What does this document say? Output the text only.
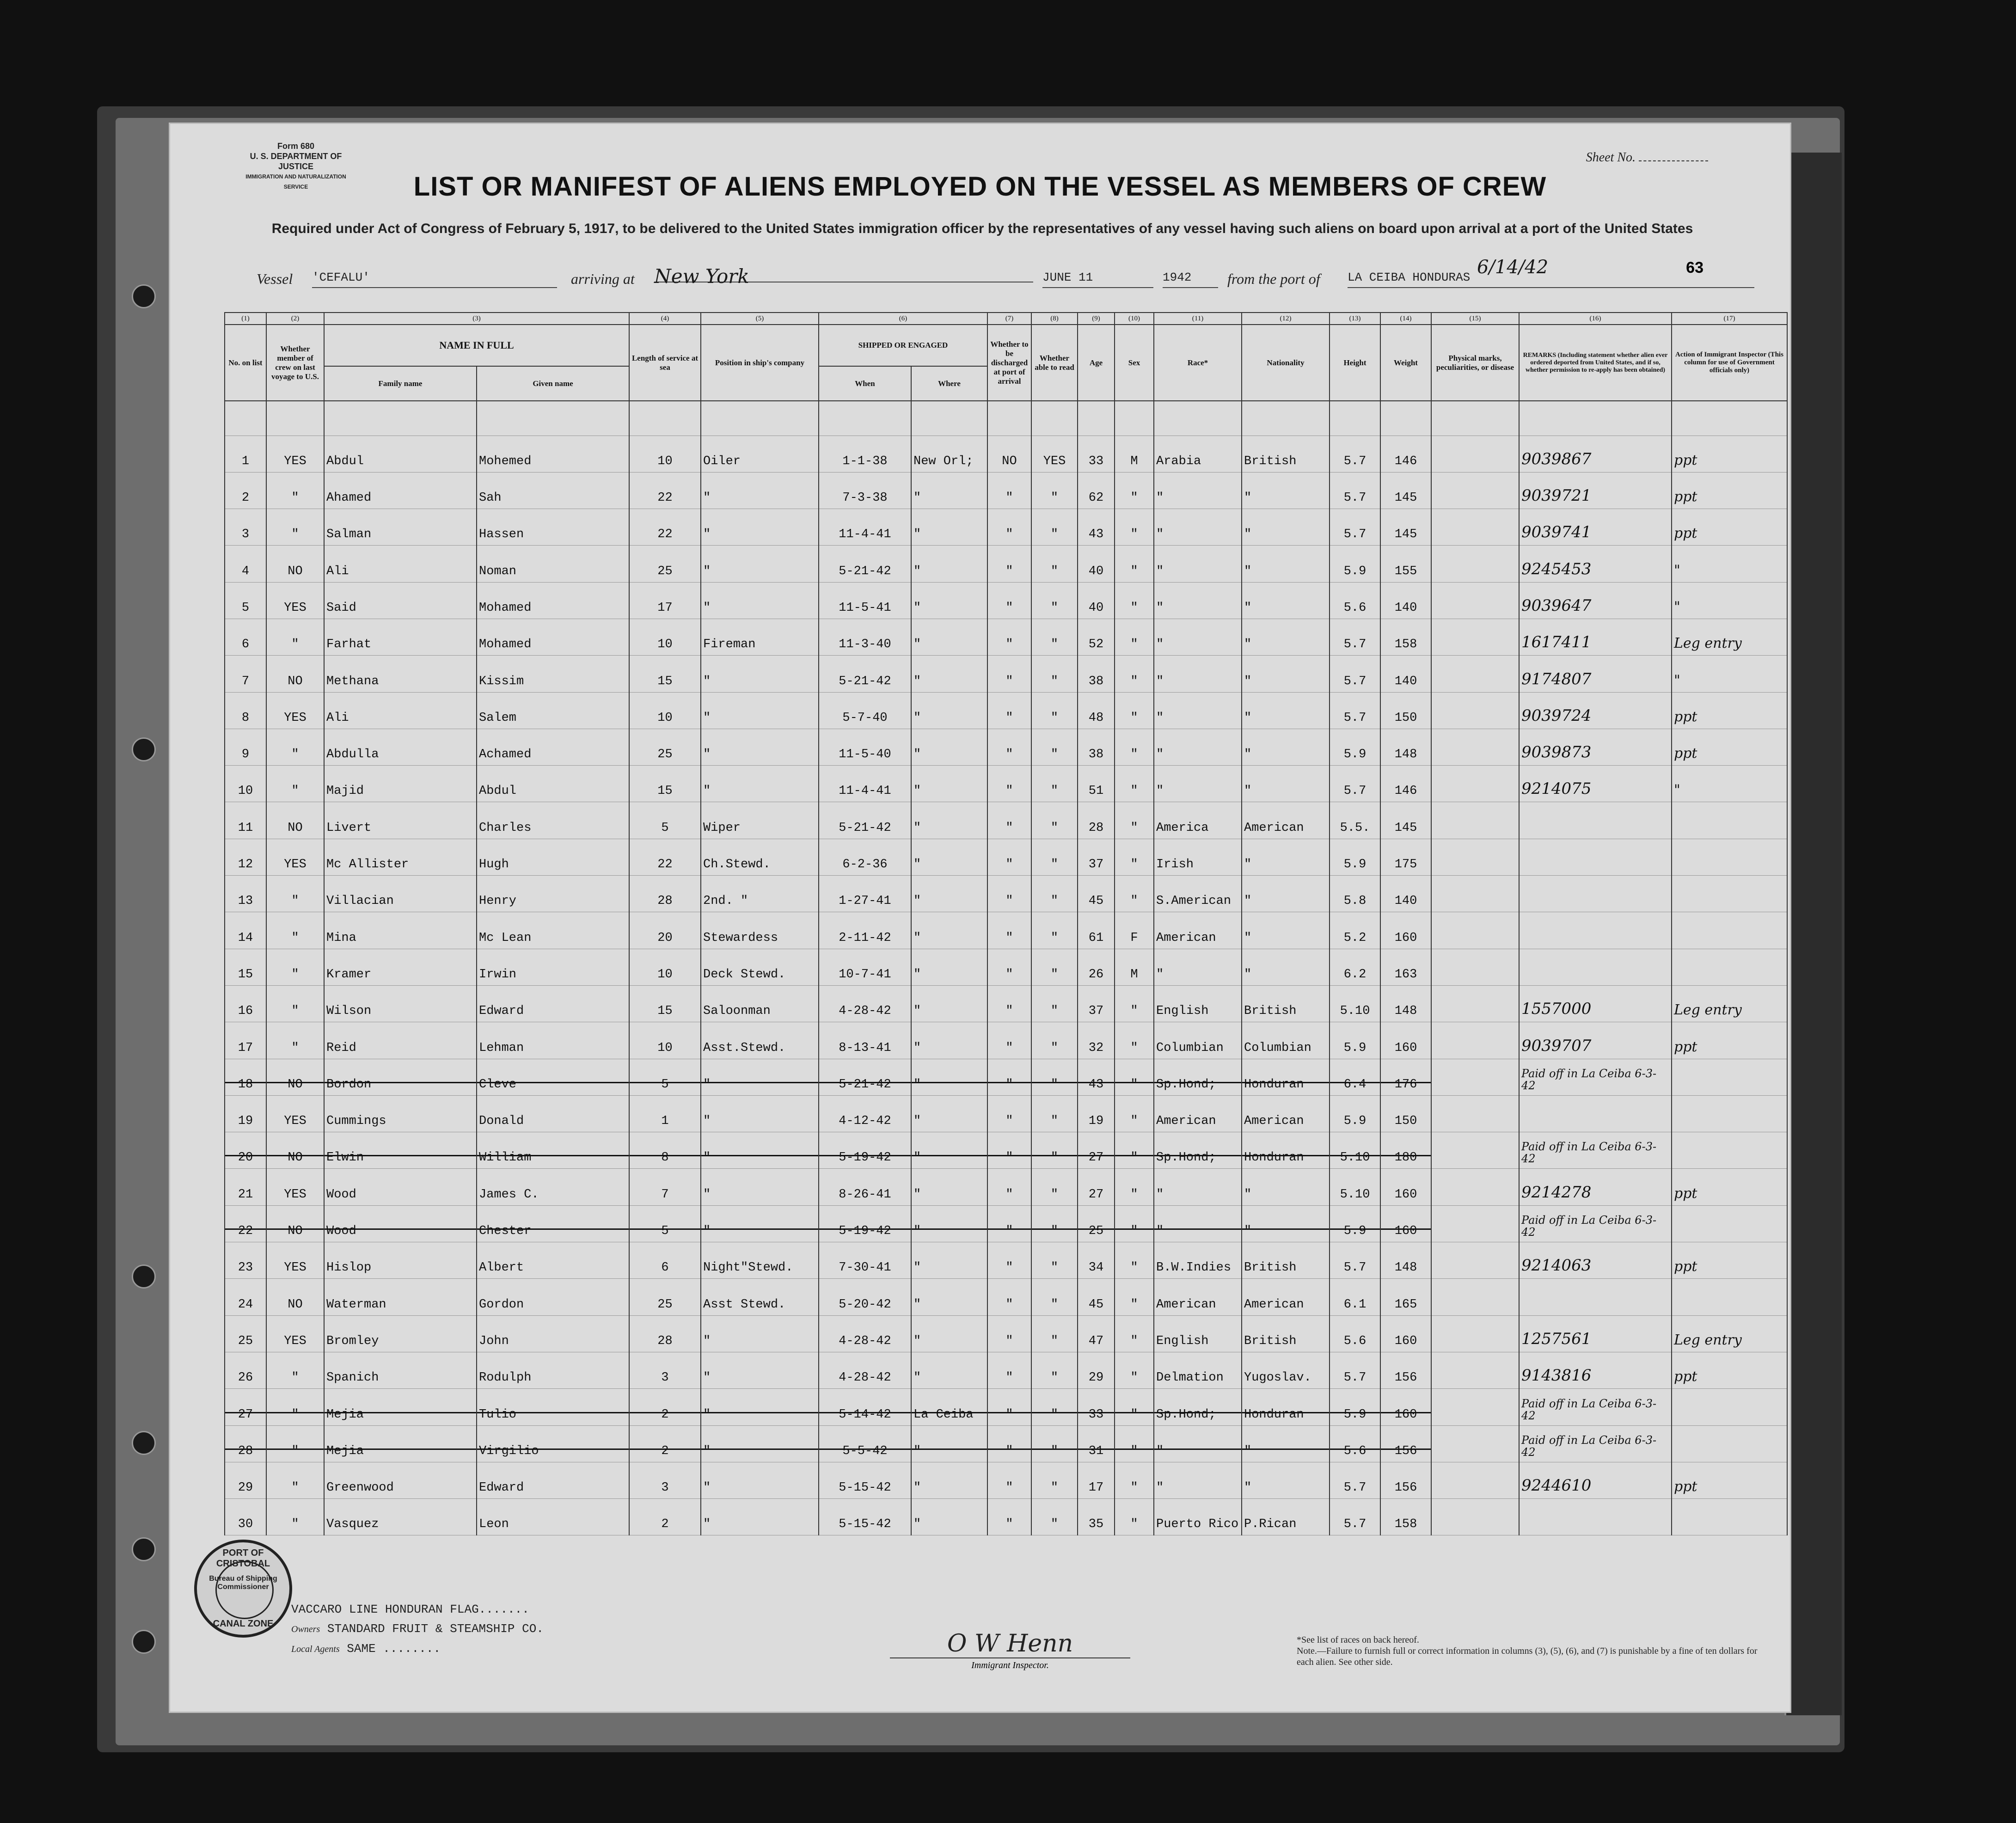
Form 680
U. S. DEPARTMENT OF JUSTICE
IMMIGRATION AND NATURALIZATION SERVICE
Sheet No.
LIST OR MANIFEST OF ALIENS EMPLOYED ON THE VESSEL AS MEMBERS OF CREW
Required under Act of Congress of February 5, 1917, to be delivered to the United States immigration officer by the representatives of any vessel having such aliens on board upon arrival at a port of the United States
Vessel 'CEFALU'	arriving at New York	JUNE 11	1942	from the port of LA CEIBA HONDURAS 6/14/42	63
(1)	(2)	(3)		(4)	(5)	(6)		(7)	(8)	(9)	(10)	(11)	(12)	(13)	(14)	(15)	(16)	(17)
No. on list	Whether member of crew on last voyage to U.S.	NAME IN FULL		Length of service at sea	Position in ship's company	SHIPPED OR ENGAGED		Whether to be discharged at port of arrival	Whether able to read	Age	Sex	Race*	Nationality	Height	Weight	Physical marks, peculiarities, or disease	REMARKS (Including statement whether alien ever ordered deported from United States, and if so, whether permission to re-apply has been obtained)	Action of Immigrant Inspector (This column for use of Government officials only)
		Family name	Given name			When	Where											

1	YES	Abdul	Mohemed	10	Oiler	1-1-38	New Orl;	NO	YES	33	M	Arabia	British	5.7	146		9039867	ppt
2	"	Ahamed	Sah	22	"	7-3-38	"	"	"	62	"	"	"	5.7	145		9039721	ppt
3	"	Salman	Hassen	22	"	11-4-41	"	"	"	43	"	"	"	5.7	145		9039741	ppt
4	NO	Ali	Noman	25	"	5-21-42	"	"	"	40	"	"	"	5.9	155		9245453	"
5	YES	Said	Mohamed	17	"	11-5-41	"	"	"	40	"	"	"	5.6	140		9039647	"
6	"	Farhat	Mohamed	10	Fireman	11-3-40	"	"	"	52	"	"	"	5.7	158		1617411	Leg entry
7	NO	Methana	Kissim	15	"	5-21-42	"	"	"	38	"	"	"	5.7	140		9174807	"
8	YES	Ali	Salem	10	"	5-7-40	"	"	"	48	"	"	"	5.7	150		9039724	ppt
9	"	Abdulla	Achamed	25	"	11-5-40	"	"	"	38	"	"	"	5.9	148		9039873	ppt
10	"	Majid	Abdul	15	"	11-4-41	"	"	"	51	"	"	"	5.7	146		9214075	"
11	NO	Livert	Charles	5	Wiper	5-21-42	"	"	"	28	"	America	American	5.5.	145			
12	YES	Mc Allister	Hugh	22	Ch.Stewd.	6-2-36	"	"	"	37	"	Irish	"	5.9	175			
13	"	Villacian	Henry	28	2nd. "	1-27-41	"	"	"	45	"	S.American	"	5.8	140			
14	"	Mina	Mc Lean	20	Stewardess	2-11-42	"	"	"	61	F	American	"	5.2	160			
15	"	Kramer	Irwin	10	Deck Stewd.	10-7-41	"	"	"	26	M	"	"	6.2	163			
16	"	Wilson	Edward	15	Saloonman	4-28-42	"	"	"	37	"	English	British	5.10	148		1557000	Leg entry
17	"	Reid	Lehman	10	Asst.Stewd.	8-13-41	"	"	"	32	"	Columbian	Columbian	5.9	160		9039707	ppt
18	NO	Bordon	Cleve	5	"	5-21-42	"	"	"	43	"	Sp.Hond;	Honduran	6.4	176		Paid off in La Ceiba 6-3-42	
19	YES	Cummings	Donald	1	"	4-12-42	"	"	"	19	"	American	American	5.9	150			
20	NO	Elwin	William	8	"	5-19-42	"	"	"	27	"	Sp.Hond;	Honduran	5.10	180		Paid off in La Ceiba 6-3-42	
21	YES	Wood	James C.	7	"	8-26-41	"	"	"	27	"	"	"	5.10	160		9214278	ppt
22	NO	Wood	Chester	5	"	5-19-42	"	"	"	25	"	"	"	5.9	160		Paid off in La Ceiba 6-3-42	
23	YES	Hislop	Albert	6	Night"Stewd.	7-30-41	"	"	"	34	"	B.W.Indies	British	5.7	148		9214063	ppt
24	NO	Waterman	Gordon	25	Asst Stewd.	5-20-42	"	"	"	45	"	American	American	6.1	165			
25	YES	Bromley	John	28	"	4-28-42	"	"	"	47	"	English	British	5.6	160		1257561	Leg entry
26	"	Spanich	Rodulph	3	"	4-28-42	"	"	"	29	"	Delmation	Yugoslav.	5.7	156		9143816	ppt
27	"	Mejia	Tulio	2	"	5-14-42	La Ceiba	"	"	33	"	Sp.Hond;	Honduran	5.9	160		Paid off in La Ceiba 6-3-42	
28	"	Mejia	Virgilio	2	"	5-5-42	"	"	"	31	"	"	"	5.6	156		Paid off in La Ceiba 6-3-42	
29	"	Greenwood	Edward	3	"	5-15-42	"	"	"	17	"	"	"	5.7	156		9244610	ppt
30	"	Vasquez	Leon	2	"	5-15-42	"	"	"	35	"	Puerto Rico	P.Rican	5.7	158			
PORT OF CRISTOBAL
Bureau of Shipping Commissioner
CANAL ZONE
VACCARO LINE HONDURAN FLAG.......
Owners STANDARD FRUIT & STEAMSHIP CO.
Local Agents SAME ........	O W Henn
Immigrant Inspector.
*See list of races on back hereof.
Note.—Failure to furnish full or correct information in columns (3), (5), (6), and (7) is punishable by a fine of ten dollars for each alien. See other side.
